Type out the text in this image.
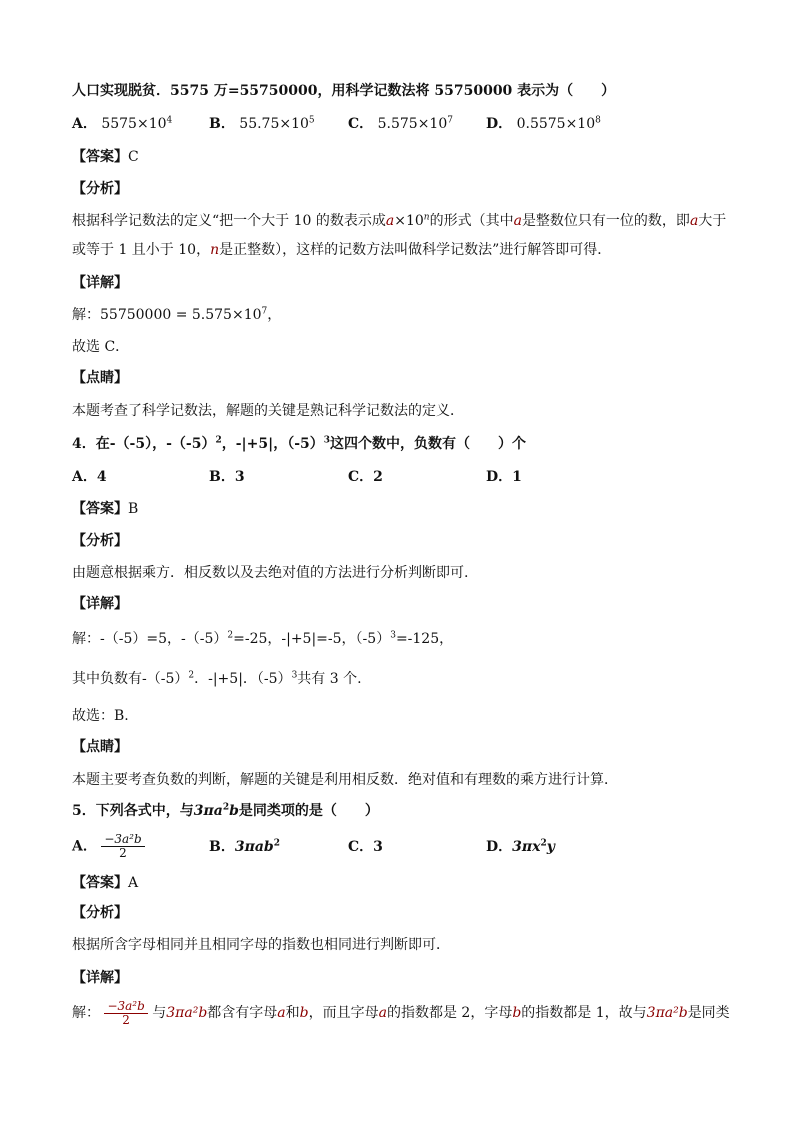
人口实现脱贫．5575 万=55750000，用科学记数法将 55750000 表示为（　　）
A． $5575\times 10^4$	B． $55.75\times 10^5$ C． $5.575\times 10^7$ D． $0.5575\times 10^8$
【答案】C
【分析】
根据科学记数法的定义“把一个大于 10 的数表示成$a\times 10^n$的形式（其中a是整数位只有一位的数，即a大于
或等于 1 且小于 10，n是正整数），这样的记数方法叫做科学记数法”进行解答即可得．
【详解】
解：$55750000 = 5.575\times 10^7$，
故选 C．
【点睛】
本题考查了科学记数法，解题的关键是熟记科学记数法的定义．
4．在-（-5），$-(-5)^2$，-|+5|，$(-5)^3$这四个数中，负数有（　　）个
A．4	B．3	C．2	D．1
【答案】B
【分析】
由题意根据乘方．相反数以及去绝对值的方法进行分析判断即可.
【详解】
解：-（-5）=5，$-(-5)^2=-25$，-|+5|=-5，$(-5)^3=-125$，
其中负数有$-(-5)^2$．-|+5|．$(-5)^3$共有 3 个.
故选：B.
【点睛】
本题主要考查负数的判断，解题的关键是利用相反数．绝对值和有理数的乘方进行计算．
5．下列各式中，与$3\pi a^2b$是同类项的是（　　）
A． $\frac{\text{−3a²b}}{2}$	B．3πab$^2$	C．3	D．$3\pi x^2y$
【答案】A
【分析】
根据所含字母相同并且相同字母的指数也相同进行判断即可．
【详解】
解： $\frac{\text{−3a²b}}{2}$ 与3πa²b都含有字母a和b，而且字母a的指数都是 2，字母b的指数都是 1，故与3πa²b是同类
